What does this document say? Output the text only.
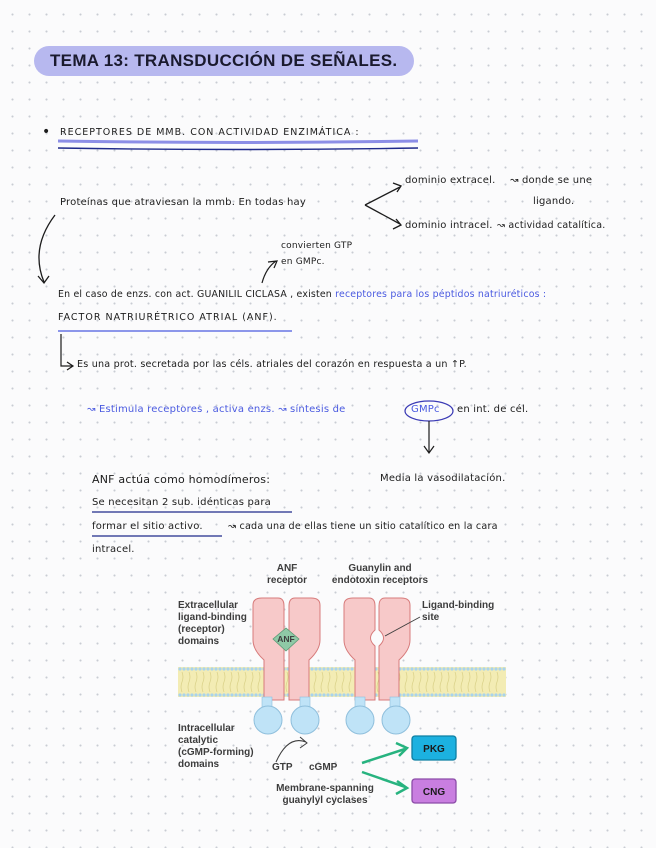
TEMA 13: TRANSDUCCIÓN DE SEÑALES.
• RECEPTORES DE MMB. CON ACTIVIDAD ENZIMÁTICA :
Proteínas que atraviesan la mmb. En todas hay
dominio extracel. ↝ donde se une
ligando.
dominio intracel. ↝ actividad catalítica.
convierten GTP
en GMPc.
En el caso de enzs. con act. GUANILIL CICLASA , existen receptores para los péptidos natriuréticos :
FACTOR NATRIURÉTRICO ATRIAL (ANF).
Es una prot. secretada por las céls. atriales del corazón en respuesta a un ↑P.
↝ Estimula receptores , activa enzs. ↝ síntesis de	GMPc en int. de cél.
ANF actúa como homodímeros:	Media la vasodilatación.
Se necesitan 2 sub. idénticas para
formar el sitio activo.	↝ cada una de ellas tiene un sitio catalítico en la cara
intracel.
ANF receptor
Guanylin and endotoxin receptors
Extracellular ligand-binding (receptor) domains
Ligand-binding site
ANF
Intracellular catalytic (cGMP-forming) domains	GTP cGMP
Membrane-spanning guanylyl cyclases
PKG
CNG
